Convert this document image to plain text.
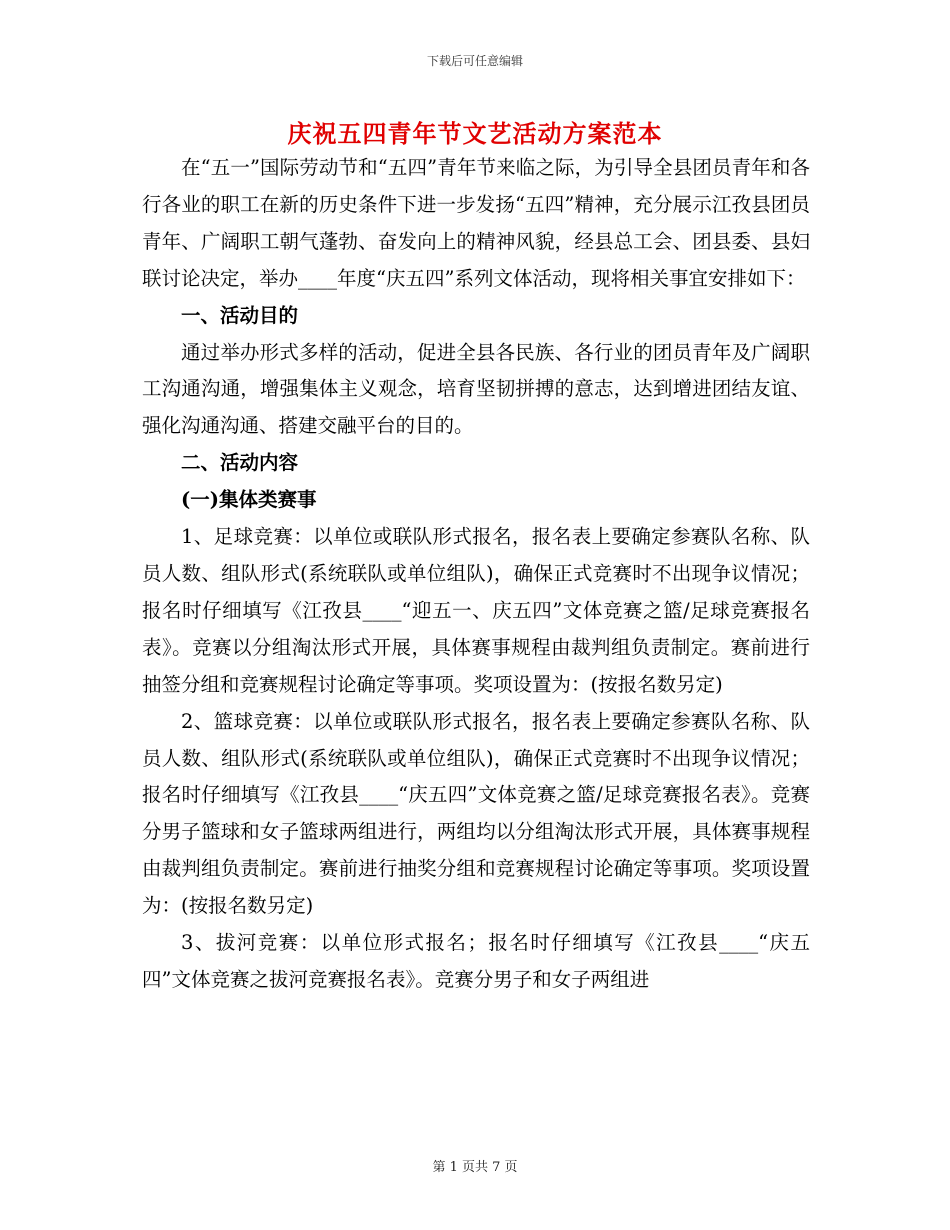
下载后可任意编辑
庆祝五四青年节文艺活动方案范本

在“五一”国际劳动节和“五四”青年节来临之际，为引导全县团员青年和各行各业的职工在新的历史条件下进一步发扬“五四”精神，充分展示江孜县团员青年、广阔职工朝气蓬勃、奋发向上的精神风貌，经县总工会、团县委、县妇联讨论决定，举办____年度“庆五四”系列文体活动，现将相关事宜安排如下：

一、活动目的

通过举办形式多样的活动，促进全县各民族、各行业的团员青年及广阔职工沟通沟通，增强集体主义观念，培育坚韧拼搏的意志，达到增进团结友谊、强化沟通沟通、搭建交融平台的目的。

二、活动内容
(一)集体类赛事

1、足球竞赛：以单位或联队形式报名，报名表上要确定参赛队名称、队员人数、组队形式(系统联队或单位组队)，确保正式竞赛时不出现争议情况；报名时仔细填写《江孜县____“迎五一、庆五四”文体竞赛之篮/足球竞赛报名表》。竞赛以分组淘汰形式开展，具体赛事规程由裁判组负责制定。赛前进行抽签分组和竞赛规程讨论确定等事项。奖项设置为：(按报名数另定)

2、篮球竞赛：以单位或联队形式报名，报名表上要确定参赛队名称、队员人数、组队形式(系统联队或单位组队)，确保正式竞赛时不出现争议情况；报名时仔细填写《江孜县____“庆五四”文体竞赛之篮/足球竞赛报名表》。竞赛分男子篮球和女子篮球两组进行，两组均以分组淘汰形式开展，具体赛事规程由裁判组负责制定。赛前进行抽奖分组和竞赛规程讨论确定等事项。奖项设置为：(按报名数另定)

3、拔河竞赛：以单位形式报名；报名时仔细填写《江孜县____“庆五四”文体竞赛之拔河竞赛报名表》。竞赛分男子和女子两组进

第 1 页共 7 页
